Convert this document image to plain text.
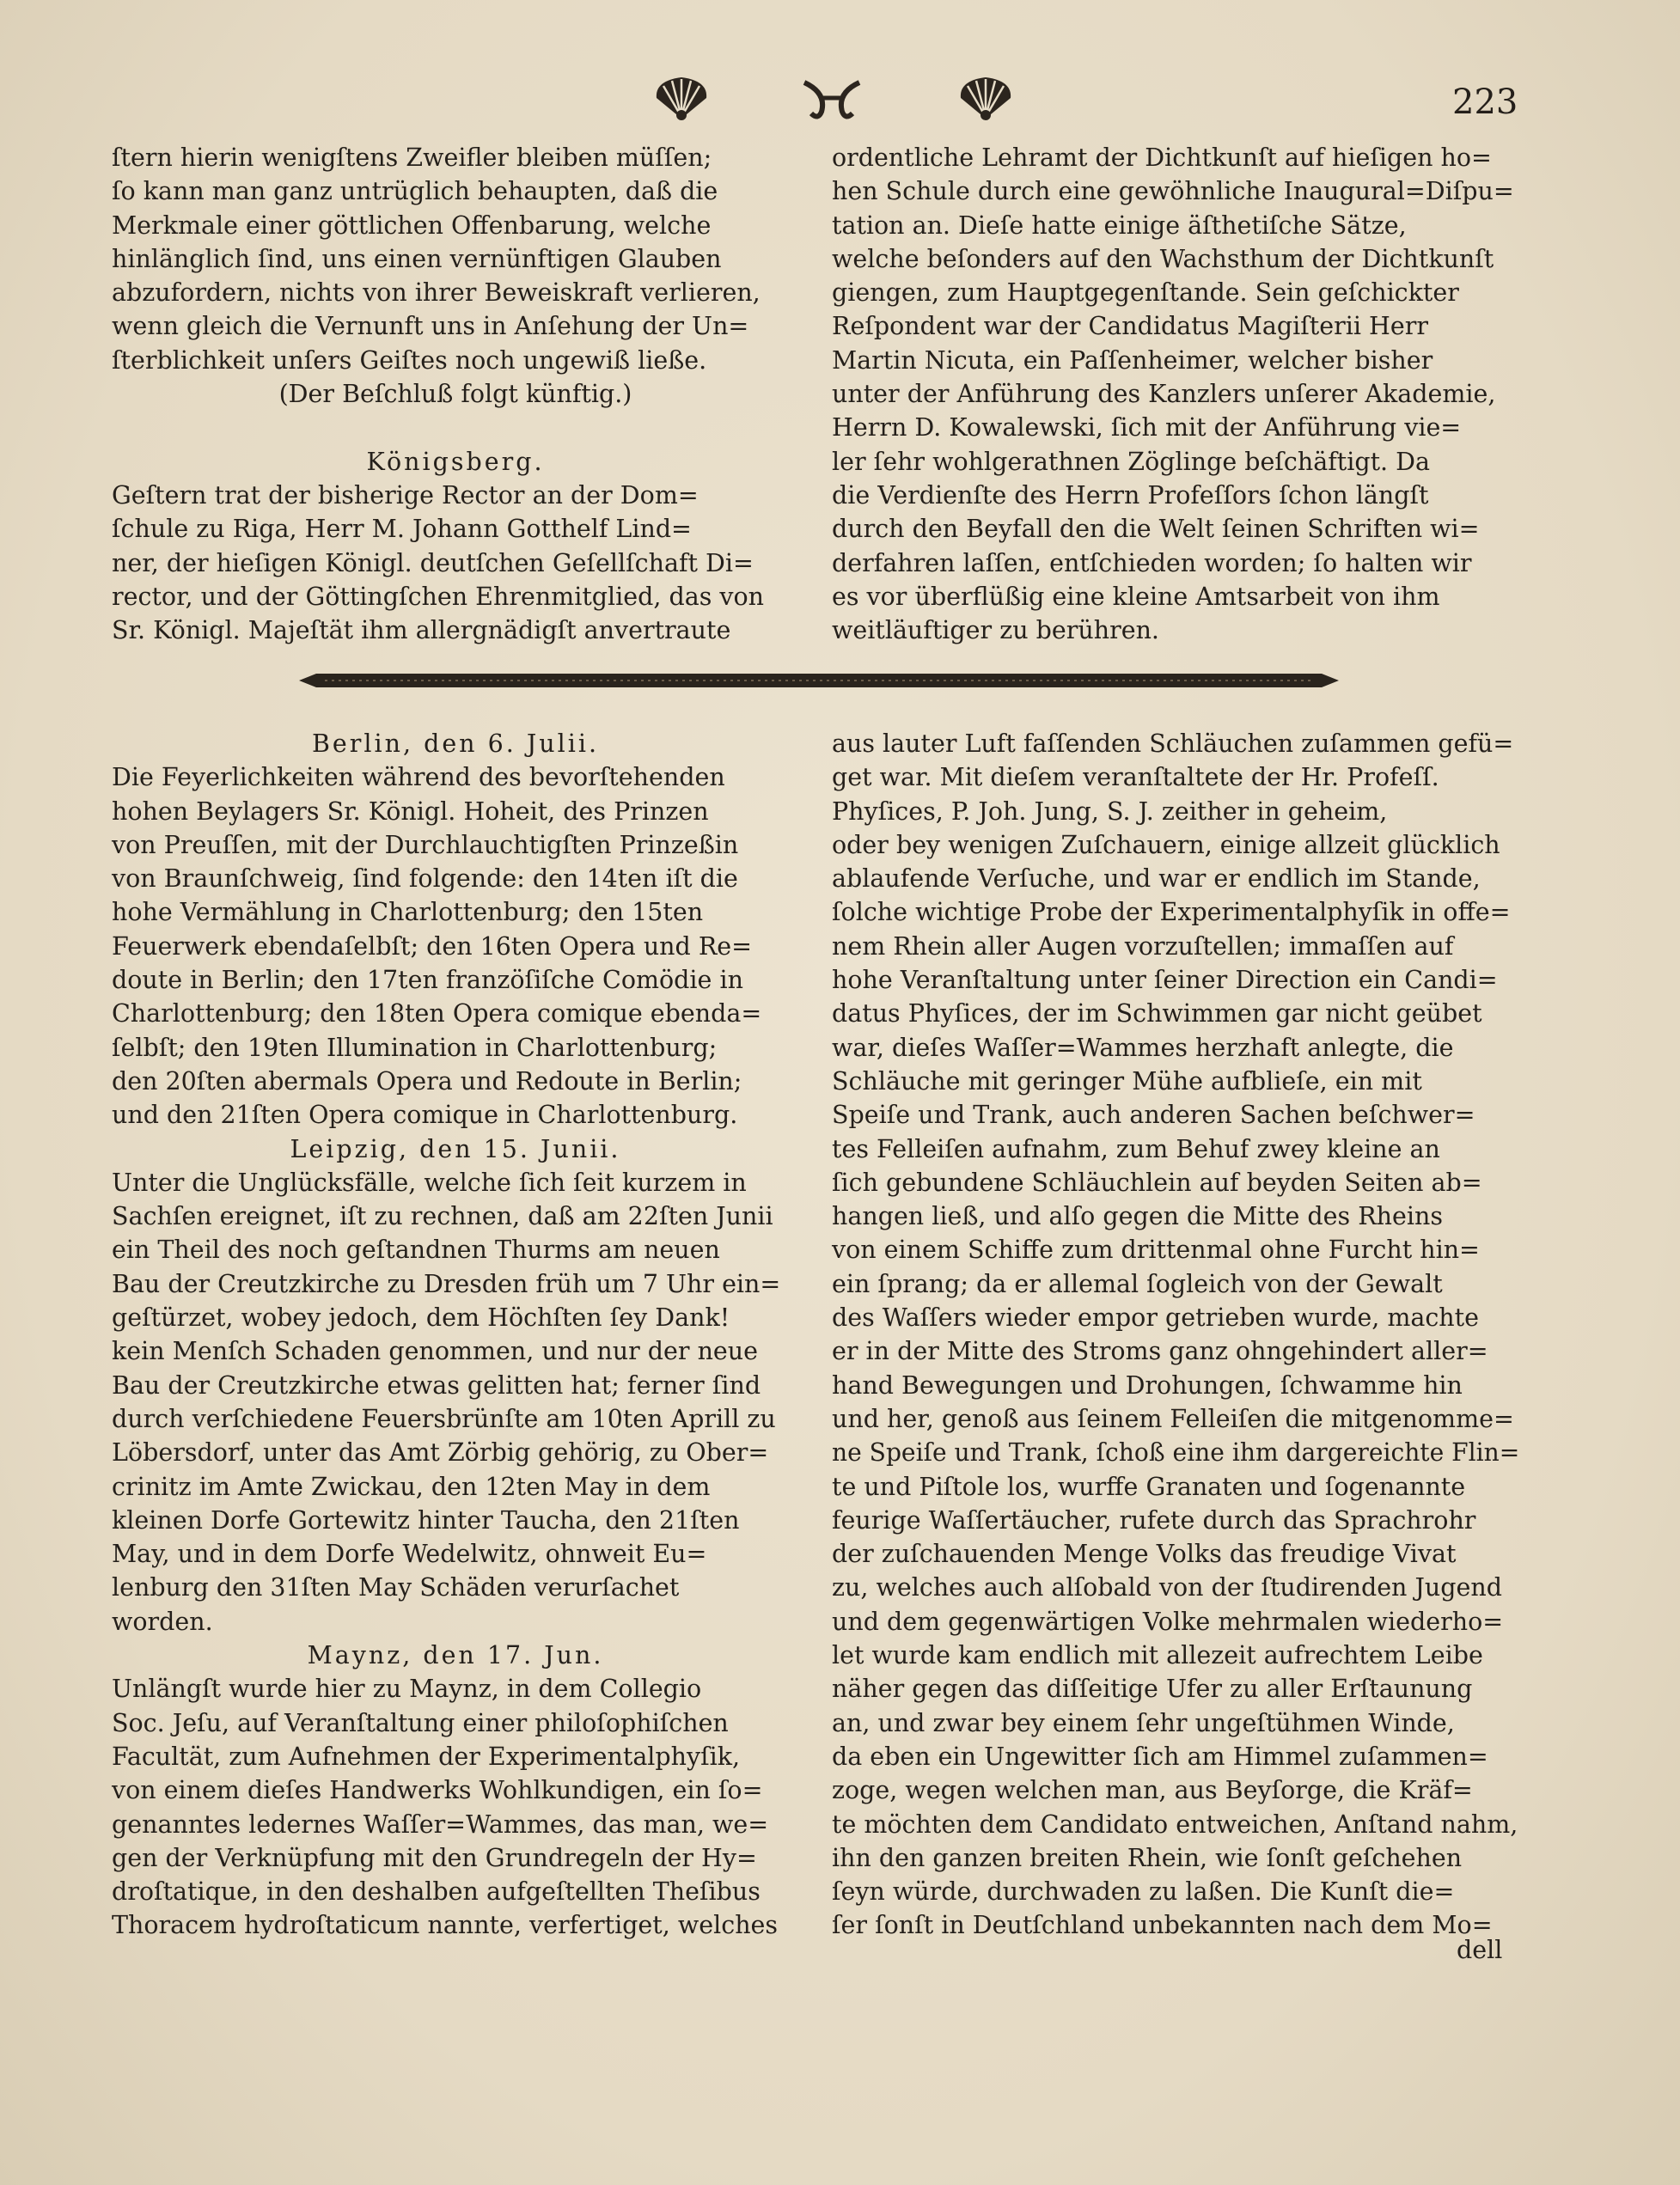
223
ſtern hierin wenigſtens Zweifler bleiben müſſen;
ſo kann man ganz untrüglich behaupten, daß die
Merkmale einer göttlichen Offenbarung, welche
hinlänglich ſind, uns einen vernünftigen Glauben
abzufordern, nichts von ihrer Beweiskraft verlieren,
wenn gleich die Vernunft uns in Anſehung der Un=
ſterblichkeit unſers Geiſtes noch ungewiß ließe.
(Der Beſchluß folgt künftig.)
Königsberg.
Geſtern trat der bisherige Rector an der Dom=
ſchule zu Riga, Herr M. Johann Gotthelf Lind=
ner, der hieſigen Königl. deutſchen Geſellſchaft Di=
rector, und der Göttingſchen Ehrenmitglied, das von
Sr. Königl. Majeſtät ihm allergnädigſt anvertraute
ordentliche Lehramt der Dichtkunſt auf hieſigen ho=
hen Schule durch eine gewöhnliche Inaugural=Diſpu=
tation an. Dieſe hatte einige äſthetiſche Sätze,
welche beſonders auf den Wachsthum der Dichtkunſt
giengen, zum Hauptgegenſtande. Sein geſchickter
Reſpondent war der Candidatus Magiſterii Herr
Martin Nicuta, ein Paſſenheimer, welcher bisher
unter der Anführung des Kanzlers unſerer Akademie,
Herrn D. Kowalewski, ſich mit der Anführung vie=
ler ſehr wohlgerathnen Zöglinge beſchäftigt. Da
die Verdienſte des Herrn Profeſſors ſchon längſt
durch den Beyfall den die Welt ſeinen Schriften wi=
derfahren laſſen, entſchieden worden; ſo halten wir
es vor überflüßig eine kleine Amtsarbeit von ihm
weitläuftiger zu berühren.
Berlin, den 6. Julii.
Die Feyerlichkeiten während des bevorſtehenden
hohen Beylagers Sr. Königl. Hoheit, des Prinzen
von Preuſſen, mit der Durchlauchtigſten Prinzeßin
von Braunſchweig, ſind folgende: den 14ten iſt die
hohe Vermählung in Charlottenburg; den 15ten
Feuerwerk ebendaſelbſt; den 16ten Opera und Re=
doute in Berlin; den 17ten franzöſiſche Comödie in
Charlottenburg; den 18ten Opera comique ebenda=
ſelbſt; den 19ten Illumination in Charlottenburg;
den 20ſten abermals Opera und Redoute in Berlin;
und den 21ſten Opera comique in Charlottenburg.
Leipzig, den 15. Junii.
Unter die Unglücksfälle, welche ſich ſeit kurzem in
Sachſen ereignet, iſt zu rechnen, daß am 22ſten Junii
ein Theil des noch geſtandnen Thurms am neuen
Bau der Creutzkirche zu Dresden früh um 7 Uhr ein=
geſtürzet, wobey jedoch, dem Höchſten ſey Dank!
kein Menſch Schaden genommen, und nur der neue
Bau der Creutzkirche etwas gelitten hat; ferner ſind
durch verſchiedene Feuersbrünſte am 10ten Aprill zu
Löbersdorf, unter das Amt Zörbig gehörig, zu Ober=
crinitz im Amte Zwickau, den 12ten May in dem
kleinen Dorfe Gortewitz hinter Taucha, den 21ſten
May, und in dem Dorfe Wedelwitz, ohnweit Eu=
lenburg den 31ſten May Schäden verurſachet
worden.
Maynz, den 17. Jun.
Unlängſt wurde hier zu Maynz, in dem Collegio
Soc. Jeſu, auf Veranſtaltung einer philoſophiſchen
Facultät, zum Aufnehmen der Experimentalphyſik,
von einem dieſes Handwerks Wohlkundigen, ein ſo=
genanntes ledernes Waſſer=Wammes, das man, we=
gen der Verknüpfung mit den Grundregeln der Hy=
droſtatique, in den deshalben aufgeſtellten Theſibus
Thoracem hydroſtaticum nannte, verfertiget, welches
aus lauter Luft faſſenden Schläuchen zuſammen gefü=
get war. Mit dieſem veranſtaltete der Hr. Profeſſ.
Phyſices, P. Joh. Jung, S. J. zeither in geheim,
oder bey wenigen Zuſchauern, einige allzeit glücklich
ablaufende Verſuche, und war er endlich im Stande,
ſolche wichtige Probe der Experimentalphyſik in offe=
nem Rhein aller Augen vorzuſtellen; immaſſen auf
hohe Veranſtaltung unter ſeiner Direction ein Candi=
datus Phyſices, der im Schwimmen gar nicht geübet
war, dieſes Waſſer=Wammes herzhaft anlegte, die
Schläuche mit geringer Mühe aufblieſe, ein mit
Speiſe und Trank, auch anderen Sachen beſchwer=
tes Felleiſen aufnahm, zum Behuf zwey kleine an
ſich gebundene Schläuchlein auf beyden Seiten ab=
hangen ließ, und alſo gegen die Mitte des Rheins
von einem Schiffe zum drittenmal ohne Furcht hin=
ein ſprang; da er allemal ſogleich von der Gewalt
des Waſſers wieder empor getrieben wurde, machte
er in der Mitte des Stroms ganz ohngehindert aller=
hand Bewegungen und Drohungen, ſchwamme hin
und her, genoß aus ſeinem Felleiſen die mitgenomme=
ne Speiſe und Trank, ſchoß eine ihm dargereichte Flin=
te und Piſtole los, wurffe Granaten und ſogenannte
feurige Waſſertäucher, rufete durch das Sprachrohr
der zuſchauenden Menge Volks das freudige Vivat
zu, welches auch alſobald von der ſtudirenden Jugend
und dem gegenwärtigen Volke mehrmalen wiederho=
let wurde kam endlich mit allezeit aufrechtem Leibe
näher gegen das diſſeitige Ufer zu aller Erſtaunung
an, und zwar bey einem ſehr ungeſtühmen Winde,
da eben ein Ungewitter ſich am Himmel zuſammen=
zoge, wegen welchen man, aus Beyſorge, die Kräf=
te möchten dem Candidato entweichen, Anſtand nahm,
ihn den ganzen breiten Rhein, wie ſonſt geſchehen
ſeyn würde, durchwaden zu laßen. Die Kunſt die=
ſer ſonſt in Deutſchland unbekannten nach dem Mo=
dell
